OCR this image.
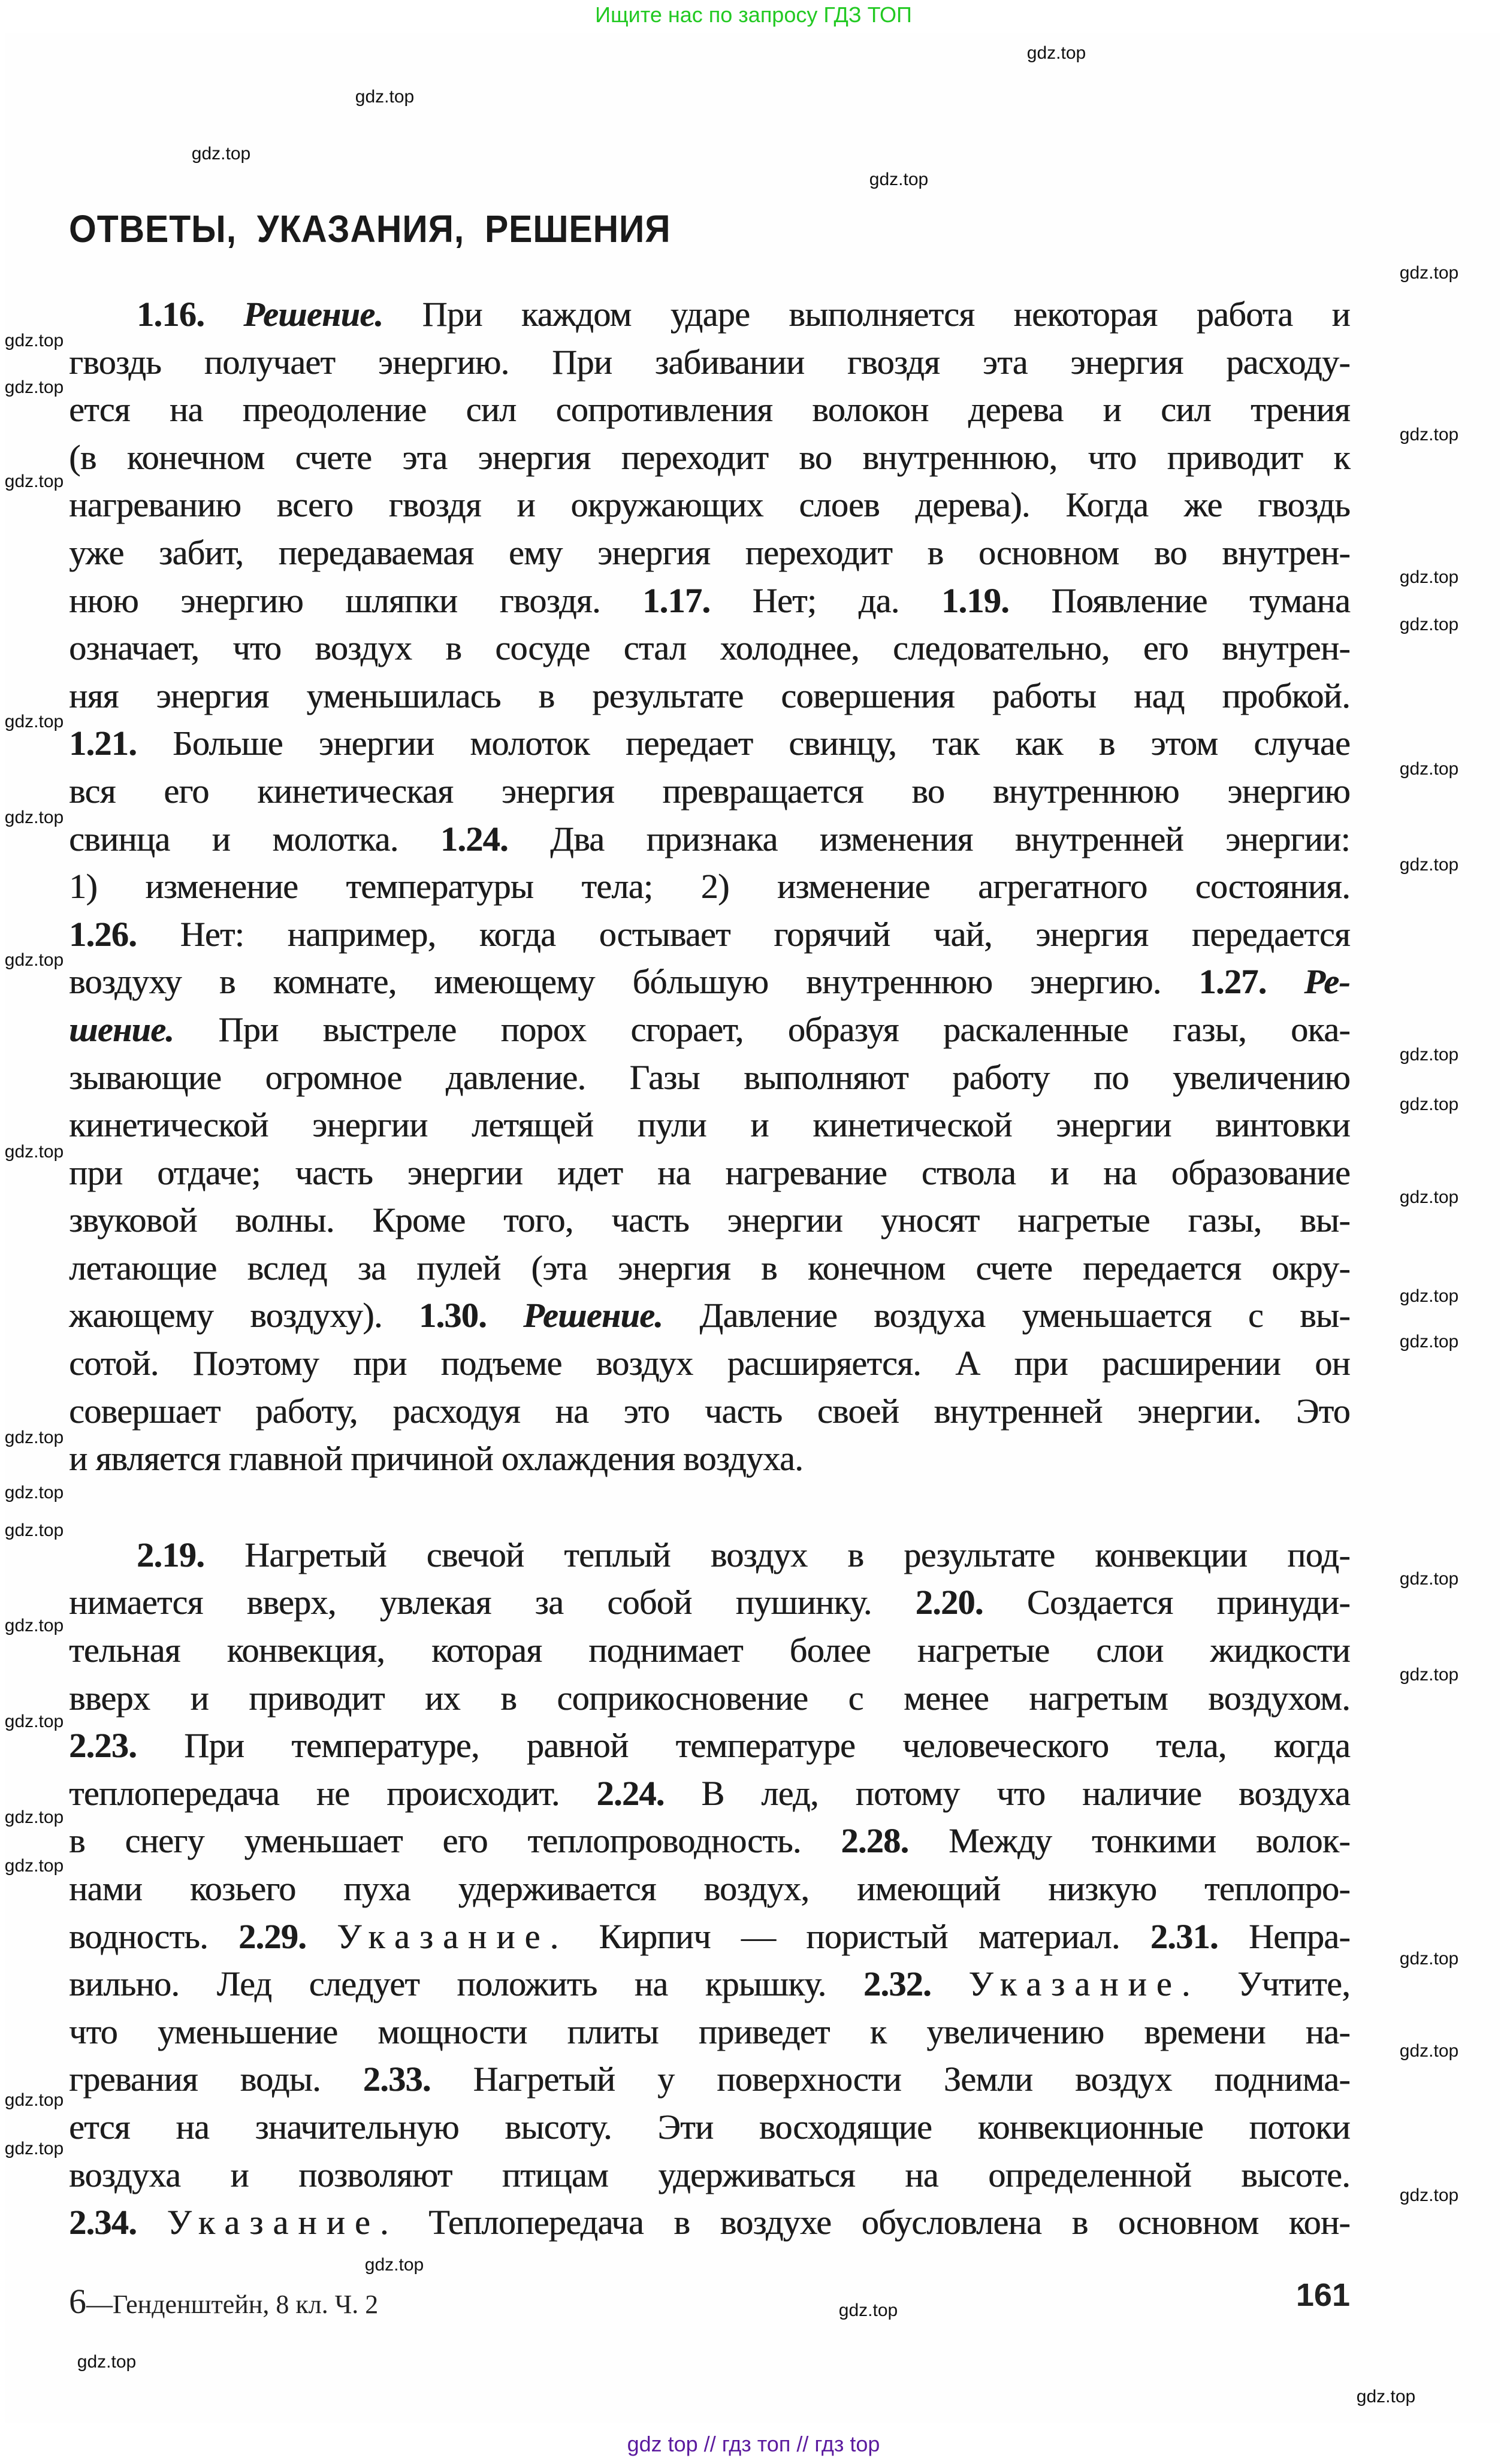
Ищите нас по запросу ГДЗ ТОП
ОТВЕТЫ, УКАЗАНИЯ, РЕШЕНИЯ
1.16. Решение. При каждом ударе выполняется некоторая работа и
гвоздь получает энергию. При забивании гвоздя эта энергия расходу-
ется на преодоление сил сопротивления волокон дерева и сил трения
(в конечном счете эта энергия переходит во внутреннюю, что приводит к
нагреванию всего гвоздя и окружающих слоев дерева). Когда же гвоздь
уже забит, передаваемая ему энергия переходит в основном во внутрен-
нюю энергию шляпки гвоздя. 1.17. Нет; да. 1.19. Появление тумана
означает, что воздух в сосуде стал холоднее, следовательно, его внутрен-
няя энергия уменьшилась в результате совершения работы над пробкой.
1.21. Больше энергии молоток передает свинцу, так как в этом случае
вся его кинетическая энергия превращается во внутреннюю энергию
свинца и молотка. 1.24. Два признака изменения внутренней энергии:
1) изменение температуры тела; 2) изменение агрегатного состояния.
1.26. Нет: например, когда остывает горячий чай, энергия передается
воздуху в комнате, имеющему бóльшую внутреннюю энергию. 1.27. Ре-
шение. При выстреле порох сгорает, образуя раскаленные газы, ока-
зывающие огромное давление. Газы выполняют работу по увеличению
кинетической энергии летящей пули и кинетической энергии винтовки
при отдаче; часть энергии идет на нагревание ствола и на образование
звуковой волны. Кроме того, часть энергии уносят нагретые газы, вы-
летающие вслед за пулей (эта энергия в конечном счете передается окру-
жающему воздуху). 1.30. Решение. Давление воздуха уменьшается с вы-
сотой. Поэтому при подъеме воздух расширяется. А при расширении он
совершает работу, расходуя на это часть своей внутренней энергии. Это
и является главной причиной охлаждения воздуха.
2.19. Нагретый свечой теплый воздух в результате конвекции под-
нимается вверх, увлекая за собой пушинку. 2.20. Создается принуди-
тельная конвекция, которая поднимает более нагретые слои жидкости
вверх и приводит их в соприкосновение с менее нагретым воздухом.
2.23. При температуре, равной температуре человеческого тела, когда
теплопередача не происходит. 2.24. В лед, потому что наличие воздуха
в снегу уменьшает его теплопроводность. 2.28. Между тонкими волок-
нами козьего пуха удерживается воздух, имеющий низкую теплопро-
водность. 2.29. Указание. Кирпич — пористый материал. 2.31. Непра-
вильно. Лед следует положить на крышку. 2.32. Указание. Учтите,
что уменьшение мощности плиты приведет к увеличению времени на-
гревания воды. 2.33. Нагретый у поверхности Земли воздух поднима-
ется на значительную высоту. Эти восходящие конвекционные потоки
воздуха и позволяют птицам удерживаться на определенной высоте.
2.34. Указание. Теплопередача в воздухе обусловлена в основном кон-
6—Генденштейн, 8 кл. Ч. 2	161
gdz.top
gdz.top
gdz.top
gdz.top
gdz.top
gdz.top
gdz.top
gdz.top
gdz.top
gdz.top
gdz.top
gdz.top
gdz.top
gdz.top
gdz.top
gdz.top
gdz.top
gdz.top
gdz.top
gdz.top
gdz.top
gdz.top
gdz.top
gdz.top
gdz.top
gdz.top
gdz.top
gdz.top
gdz.top
gdz.top
gdz.top
gdz.top
gdz.top
gdz.top
gdz.top
gdz.top
gdz.top
gdz.top
gdz.top
gdz.top
gdz top // гдз топ // гдз top
